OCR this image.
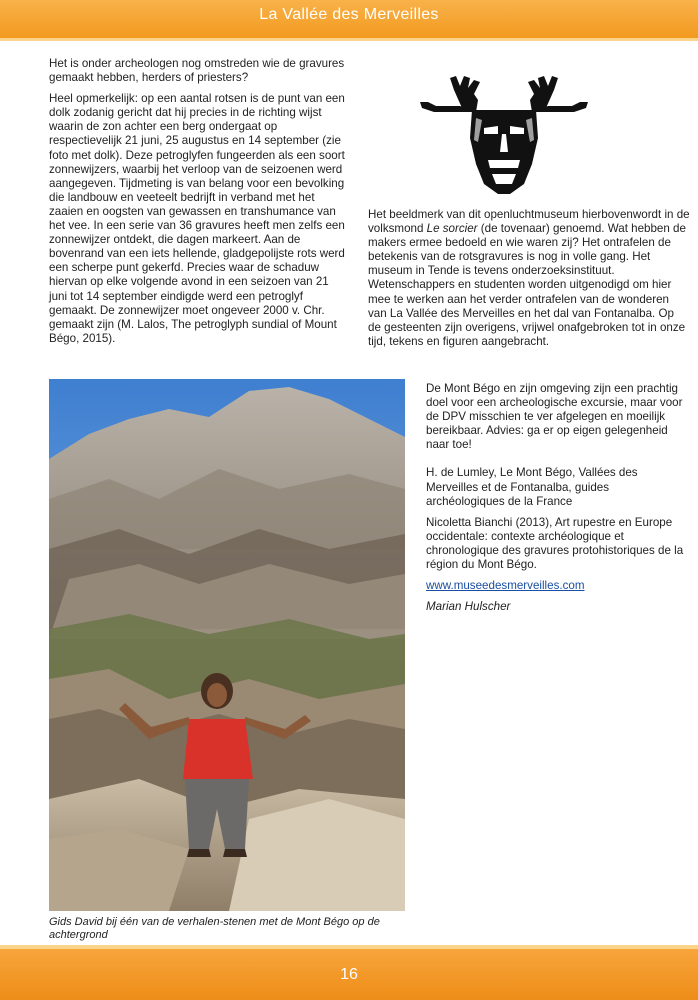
La Vallée des Merveilles

Het is onder archeologen nog omstreden wie de gravures gemaakt hebben, herders of priesters?

Heel opmerkelijk: op een aantal rotsen is de punt van een dolk zodanig gericht dat hij precies in de richting wijst waarin de zon achter een berg ondergaat op respectievelijk 21 juni, 25 augustus en 14 september (zie foto met dolk). Deze petroglyfen fungeerden als een soort zonnewijzers, waarbij het verloop van de seizoenen werd aangegeven. Tijdmeting is van belang voor een bevolking die landbouw en veeteelt bedrijft in verband met het zaaien en oogsten van gewassen en transhumance van het vee. In een serie van 36 gravures heeft men zelfs een zonnewijzer ontdekt, die dagen markeert. Aan de bovenrand van een iets hellende, gladgepolijste rots werd een scherpe punt gekerfd. Precies waar de schaduw hiervan op elke volgende avond in een seizoen van 21 juni tot 14 september eindigde werd een petroglyf gemaakt. De zonnewijzer moet ongeveer 2000 v. Chr. gemaakt zijn (M. Lalos, The petroglyph sundial of Mount Bégo, 2015).

Het beeldmerk van dit openluchtmuseum hierbovenwordt in de volksmond Le sorcier (de tovenaar) genoemd. Wat hebben de makers ermee bedoeld en wie waren zij? Het ontrafelen de betekenis van de rotsgravures is nog in volle gang. Het museum in Tende is tevens onderzoeksinstituut. Wetenschappers en studenten worden uitgenodigd om hier mee te werken aan het verder ontrafelen van de wonderen van La Vallée des Merveilles en het dal van Fontanalba. Op de gesteenten zijn overigens, vrijwel onafgebroken tot in onze tijd, tekens en figuren aangebracht.

Gids David bij één van de verhalen-stenen met de Mont Bégo op de achtergrond

De Mont Bégo en zijn omgeving zijn een prachtig doel voor een archeologische excursie, maar voor de DPV misschien te ver afgelegen en moeilijk bereikbaar. Advies: ga er op eigen gelegenheid naar toe!

H. de Lumley, Le Mont Bégo, Vallées des Merveilles et de Fontanalba, guides archéologiques de la France

Nicoletta Bianchi (2013), Art rupestre en Europe occidentale: contexte archéologique et chronologique des gravures protohistoriques de la région du Mont Bégo.

www.museedesmerveilles.com

Marian Hulscher

16
